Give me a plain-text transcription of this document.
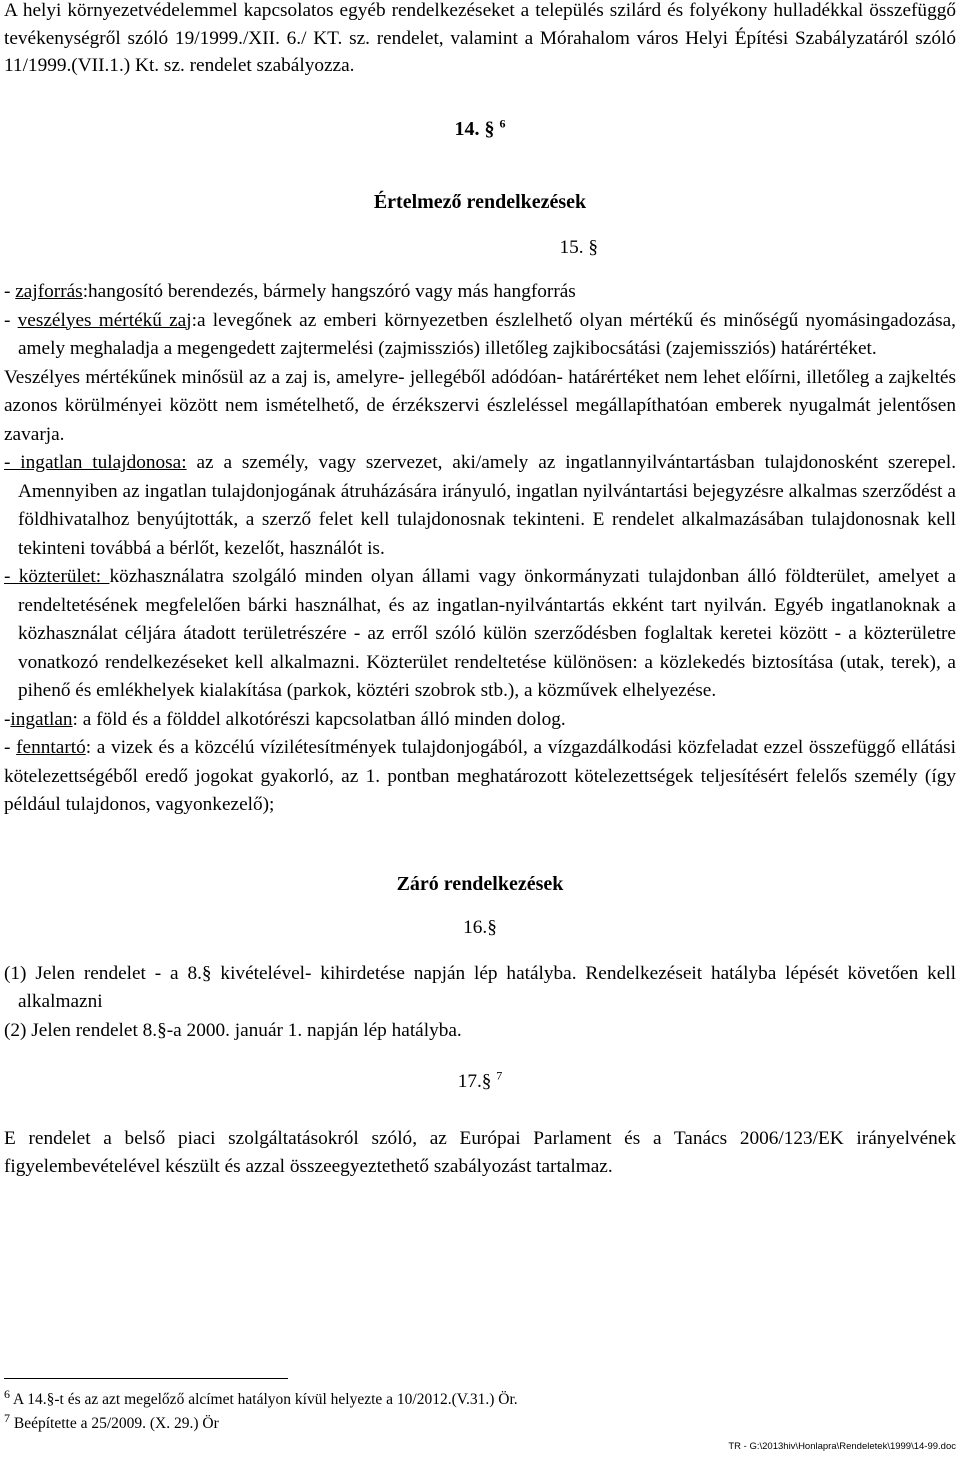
A helyi környezetvédelemmel kapcsolatos egyéb rendelkezéseket a település szilárd és folyékony hulladékkal összefüggő tevékenységről szóló 19/1999./XII. 6./ KT. sz. rendelet, valamint a Mórahalom város Helyi Építési Szabályzatáról szóló 11/1999.(VII.1.) Kt. sz. rendelet szabályozza.

14. § $^6$

Értelmező rendelkezések

15. §

- zajforrás:hangosító berendezés, bármely hangszóró vagy más hangforrás

- veszélyes mértékű zaj:a levegőnek az emberi környezetben észlelhető olyan mértékű és minőségű nyomásingadozása, amely meghaladja a megengedett zajtermelési (zajmissziós) illetőleg zajkibocsátási (zajemissziós) határértéket.

Veszélyes mértékűnek minősül az a zaj is, amelyre- jellegéből adódóan- határértéket nem lehet előírni, illetőleg a zajkeltés azonos körülményei között nem ismételhető, de érzékszervi észleléssel megállapíthatóan emberek nyugalmát jelentősen zavarja.

- ingatlan tulajdonosa: az a személy, vagy szervezet, aki/amely az ingatlannyilvántartásban tulajdonosként szerepel. Amennyiben az ingatlan tulajdonjogának átruházására irányuló, ingatlan nyilvántartási bejegyzésre alkalmas szerződést a földhivatalhoz benyújtották, a szerző felet kell tulajdonosnak tekinteni. E rendelet alkalmazásában tulajdonosnak kell tekinteni továbbá a bérlőt, kezelőt, használót is.

- közterület: közhasználatra szolgáló minden olyan állami vagy önkormányzati tulajdonban álló földterület, amelyet a rendeltetésének megfelelően bárki használhat, és az ingatlan-nyilvántartás ekként tart nyilván. Egyéb ingatlanoknak a közhasználat céljára átadott területrészére - az erről szóló külön szerződésben foglaltak keretei között - a közterületre vonatkozó rendelkezéseket kell alkalmazni. Közterület rendeltetése különösen: a közlekedés biztosítása (utak, terek), a pihenő és emlékhelyek kialakítása (parkok, köztéri szobrok stb.), a közművek elhelyezése.

-ingatlan: a föld és a földdel alkotórészi kapcsolatban álló minden dolog.

- fenntartó: a vizek és a közcélú vízilétesítmények tulajdonjogából, a vízgazdálkodási közfeladat ezzel összefüggő ellátási kötelezettségéből eredő jogokat gyakorló, az 1. pontban meghatározott kötelezettségek teljesítésért felelős személy (így például tulajdonos, vagyonkezelő);

Záró rendelkezések

16.§

(1) Jelen rendelet - a 8.§ kivételével- kihirdetése napján lép hatályba. Rendelkezéseit hatályba lépését követően kell alkalmazni

(2) Jelen rendelet 8.§-a 2000. január 1. napján lép hatályba.

17.§ $^7$

E rendelet a belső piaci szolgáltatásokról szóló, az Európai Parlament és a Tanács 2006/123/EK irányelvének figyelembevételével készült és azzal összeegyeztethető szabályozást tartalmaz.

$^6$ A 14.§-t és az azt megelőző alcímet hatályon kívül helyezte a 10/2012.(V.31.) Ör.

$^7$ Beépítette a 25/2009. (X. 29.) Ör

TR - G:\2013hiv\Honlapra\Rendeletek\1999\14-99.doc
